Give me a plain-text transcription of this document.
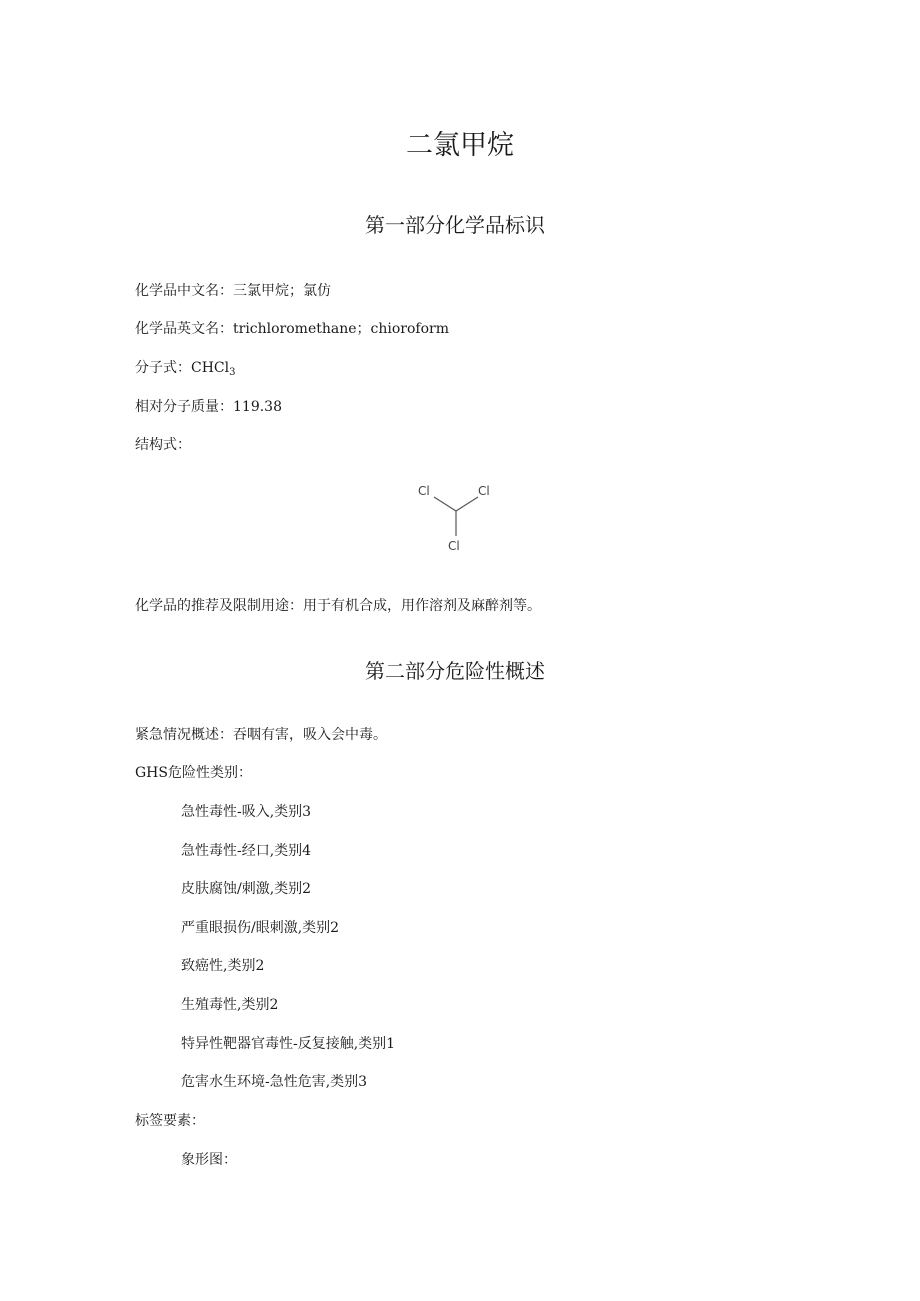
二氯甲烷
第一部分化学品标识

化学品中文名：三氯甲烷；氯仿

化学品英文名：trichloromethane；chioroform

分子式：CHCl$_3$

相对分子质量：119.38

结构式：

Cl	Cl
Cl

化学品的推荐及限制用途：用于有机合成，用作溶剂及麻醉剂等。

第二部分危险性概述

紧急情况概述：吞咽有害，吸入会中毒。

GHS危险性类别：

急性毒性-吸入,类别3

急性毒性-经口,类别4

皮肤腐蚀/刺激,类别2

严重眼损伤/眼刺激,类别2

致癌性,类别2

生殖毒性,类别2

特异性靶器官毒性-反复接触,类别1

危害水生环境-急性危害,类别3

标签要素：

象形图：
